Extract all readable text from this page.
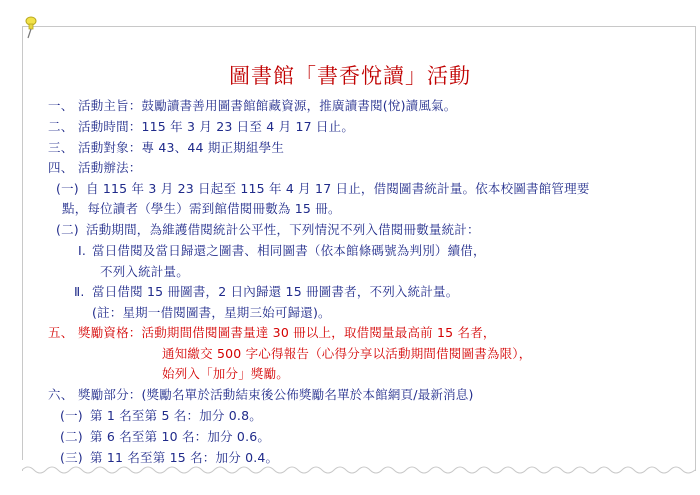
圖書館「書香悅讀」活動
一、 活動主旨：鼓勵讀書善用圖書館館藏資源，推廣讀書閱(悅)讀風氣。
二、 活動時間：115 年 3 月 23 日至 4 月 17 日止。
三、 活動對象：專 43、44 期正期組學生
四、 活動辦法：
(一) 自 115 年 3 月 23 日起至 115 年 4 月 17 日止，借閱圖書統計量。依本校圖書館管理要
點，每位讀者（學生）需到館借閱冊數為 15 冊。
(二) 活動期間，為維護借閱統計公平性，下列情況不列入借閱冊數量統計：
Ⅰ. 當日借閱及當日歸還之圖書、相同圖書（依本館條碼號為判別）續借，
不列入統計量。
Ⅱ. 當日借閱 15 冊圖書，2 日內歸還 15 冊圖書者，不列入統計量。
(註：星期一借閱圖書，星期三始可歸還)。
五、 獎勵資格：活動期間借閱圖書量達 30 冊以上，取借閱量最高前 15 名者，
通知繳交 500 字心得報告（心得分享以活動期間借閱圖書為限），
始列入「加分」獎勵。
六、 獎勵部分：(獎勵名單於活動結束後公佈獎勵名單於本館網頁/最新消息)
(一) 第 1 名至第 5 名：加分 0.8。
(二) 第 6 名至第 10 名：加分 0.6。
(三) 第 11 名至第 15 名：加分 0.4。
